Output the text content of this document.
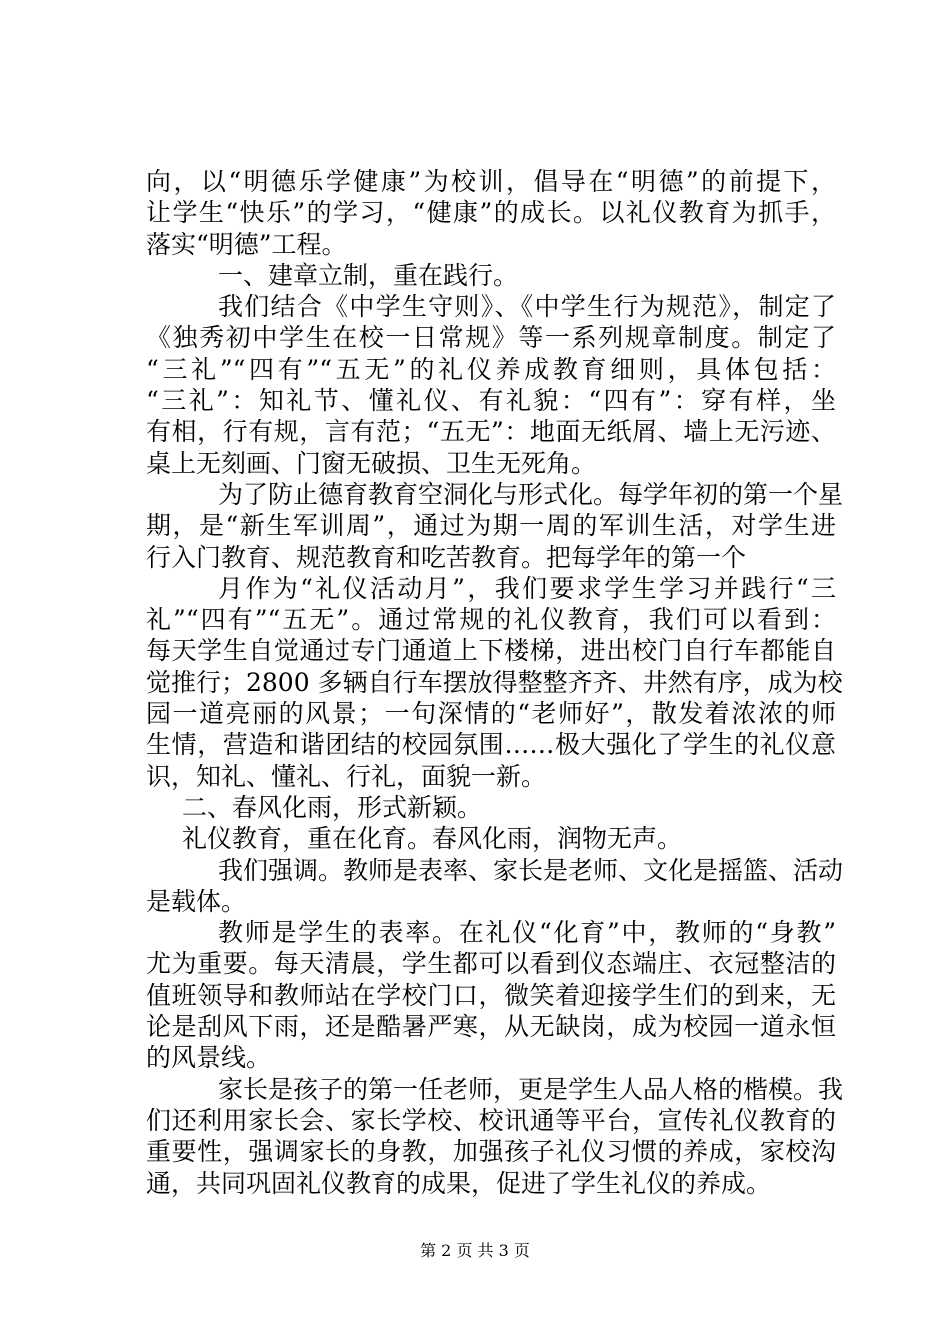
向，以“明德乐学健康”为校训，倡导在“明德”的前提下，
让学生“快乐”的学习，“健康”的成长。以礼仪教育为抓手，
落实“明德”工程。
一、建章立制，重在践行。
我们结合《中学生守则》、《中学生行为规范》，制定了
《独秀初中学生在校一日常规》等一系列规章制度。制定了
“三礼”“四有”“五无”的礼仪养成教育细则，具体包括：
“三礼”：知礼节、懂礼仪、有礼貌：“四有”：穿有样，坐
有相，行有规，言有范；“五无”：地面无纸屑、墙上无污迹、
桌上无刻画、门窗无破损、卫生无死角。
为了防止德育教育空洞化与形式化。每学年初的第一个星
期，是“新生军训周”，通过为期一周的军训生活，对学生进
行入门教育、规范教育和吃苦教育。把每学年的第一个
月作为“礼仪活动月”，我们要求学生学习并践行“三
礼”“四有”“五无”。通过常规的礼仪教育，我们可以看到：
每天学生自觉通过专门通道上下楼梯，进出校门自行车都能自
觉推行；2800 多辆自行车摆放得整整齐齐、井然有序，成为校
园一道亮丽的风景；一句深情的“老师好”，散发着浓浓的师
生情，营造和谐团结的校园氛围……极大强化了学生的礼仪意
识，知礼、懂礼、行礼，面貌一新。
二、春风化雨，形式新颖。
礼仪教育，重在化育。春风化雨，润物无声。
我们强调。教师是表率、家长是老师、文化是摇篮、活动
是载体。
教师是学生的表率。在礼仪“化育”中，教师的“身教”
尤为重要。每天清晨，学生都可以看到仪态端庄、衣冠整洁的
值班领导和教师站在学校门口，微笑着迎接学生们的到来，无
论是刮风下雨，还是酷暑严寒，从无缺岗，成为校园一道永恒
的风景线。
家长是孩子的第一任老师，更是学生人品人格的楷模。我
们还利用家长会、家长学校、校讯通等平台，宣传礼仪教育的
重要性，强调家长的身教，加强孩子礼仪习惯的养成，家校沟
通，共同巩固礼仪教育的成果，促进了学生礼仪的养成。
第 2 页 共 3 页
